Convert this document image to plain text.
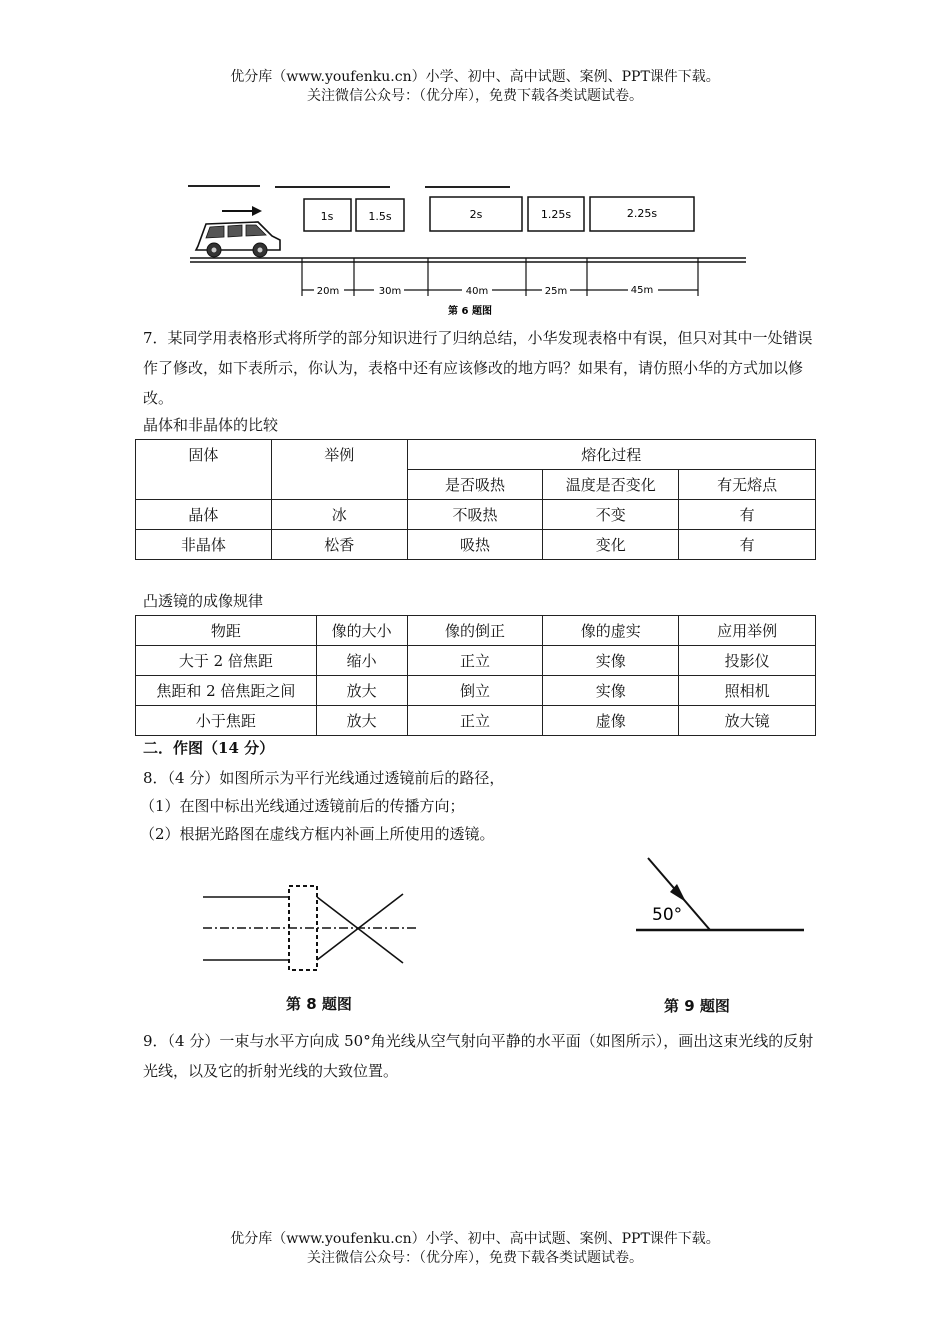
优分库（www.youfenku.cn）小学、初中、高中试题、案例、PPT课件下载。
关注微信公众号：（优分库），免费下载各类试题试卷。
1s	1.5s	2s	1.25s	2.25s
20m	30m	40m	25m	45m
第 6 题图
7．某同学用表格形式将所学的部分知识进行了归纳总结，小华发现表格中有误，但只对其中一处错误作了修改，如下表所示，你认为，表格中还有应该修改的地方吗？如果有，请仿照小华的方式加以修改。
晶体和非晶体的比较
固体	举例	熔化过程		
		是否吸热	温度是否变化	有无熔点
晶体	冰	不吸热	不变	有
非晶体	松香	吸热	变化	有
凸透镜的成像规律
物距	像的大小	像的倒正	像的虚实	应用举例
大于 2 倍焦距	缩小	正立	实像	投影仪
焦距和 2 倍焦距之间	放大	倒立	实像	照相机
小于焦距	放大	正立	虚像	放大镜
二．作图（14 分）
8．（4 分）如图所示为平行光线通过透镜前后的路径，
（1）在图中标出光线通过透镜前后的传播方向；
（2）根据光路图在虚线方框内补画上所使用的透镜。
第 8 题图
50°
第 9 题图
9．（4 分）一束与水平方向成 50°角光线从空气射向平静的水平面（如图所示），画出这束光线的反射光线，以及它的折射光线的大致位置。
优分库（www.youfenku.cn）小学、初中、高中试题、案例、PPT课件下载。
关注微信公众号：（优分库），免费下载各类试题试卷。
